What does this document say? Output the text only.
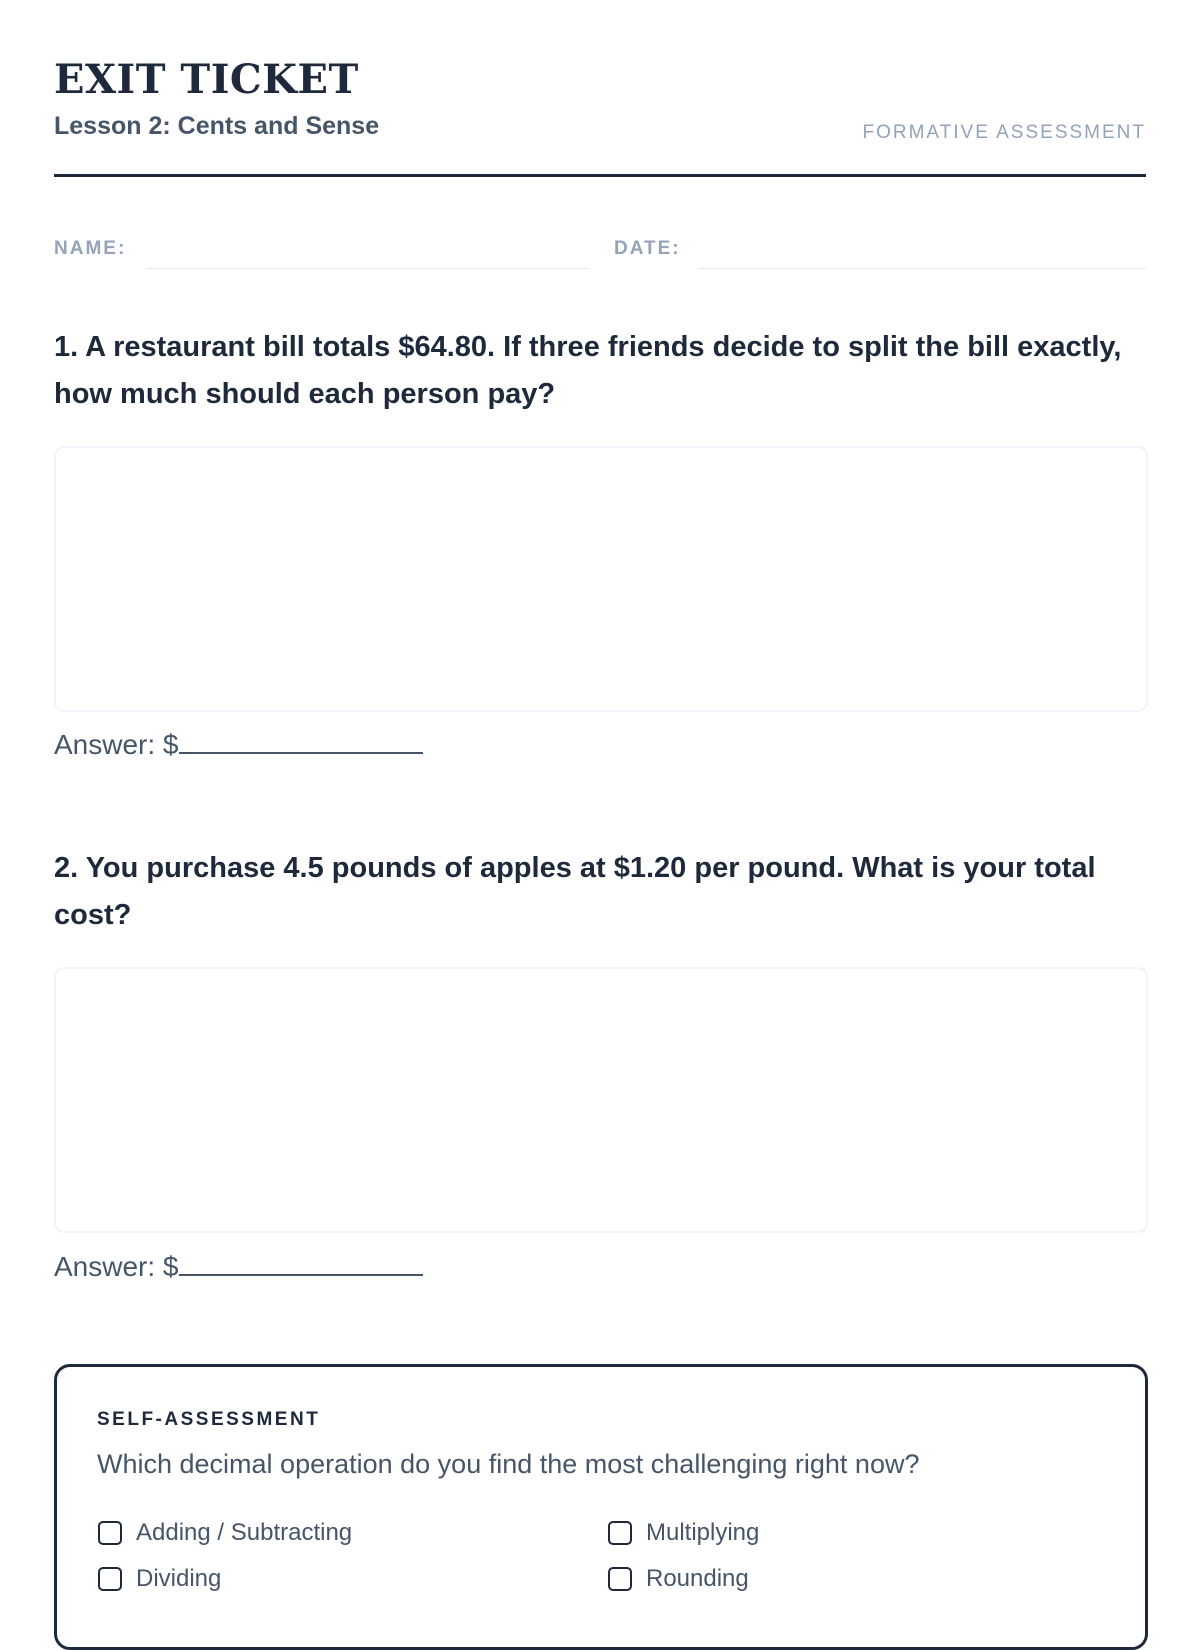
EXIT TICKET
Lesson 2: Cents and Sense	FORMATIVE ASSESSMENT
NAME:	DATE:
1. A restaurant bill totals $64.80. If three friends decide to split the bill exactly, how much should each person pay?
Answer: $
2. You purchase 4.5 pounds of apples at $1.20 per pound. What is your total cost?
Answer: $
SELF-ASSESSMENT
Which decimal operation do you find the most challenging right now?
Adding / Subtracting	Multiplying
Dividing	Rounding
